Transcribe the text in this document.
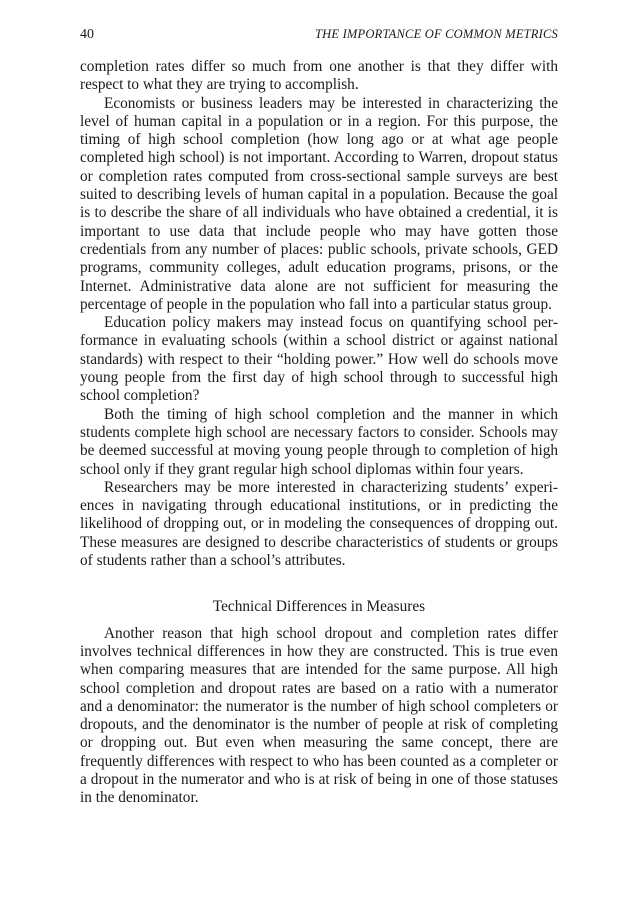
40	THE IMPORTANCE OF COMMON METRICS

completion rates differ so much from one another is that they differ with respect to what they are trying to accomplish.

Economists or business leaders may be interested in characterizing the level of human capital in a population or in a region. For this purpose, the timing of high school completion (how long ago or at what age people completed high school) is not important. According to Warren, dropout status or completion rates computed from cross-sectional sample surveys are best suited to describing levels of human capital in a population. Because the goal is to describe the share of all individuals who have obtained a credential, it is important to use data that include people who may have gotten those credentials from any number of places: public schools, private schools, GED programs, community colleges, adult education programs, prisons, or the Internet. Administrative data alone are not sufficient for measuring the percentage of people in the population who fall into a particular status group.

Education policy makers may instead focus on quantifying school performance in evaluating schools (within a school district or against national standards) with respect to their “holding power.” How well do schools move young people from the first day of high school through to successful high school completion?

Both the timing of high school completion and the manner in which students complete high school are necessary factors to consider. Schools may be deemed successful at moving young people through to completion of high school only if they grant regular high school diplomas within four years.

Researchers may be more interested in characterizing students’ experiences in navigating through educational institutions, or in predicting the likelihood of dropping out, or in modeling the consequences of dropping out. These measures are designed to describe characteristics of students or groups of students rather than a school’s attributes.

Technical Differences in Measures

Another reason that high school dropout and completion rates differ involves technical differences in how they are constructed. This is true even when comparing measures that are intended for the same purpose. All high school completion and dropout rates are based on a ratio with a numerator and a denominator: the numerator is the number of high school completers or dropouts, and the denominator is the number of people at risk of completing or dropping out. But even when measuring the same concept, there are frequently differences with respect to who has been counted as a completer or a dropout in the numerator and who is at risk of being in one of those statuses in the denominator.
